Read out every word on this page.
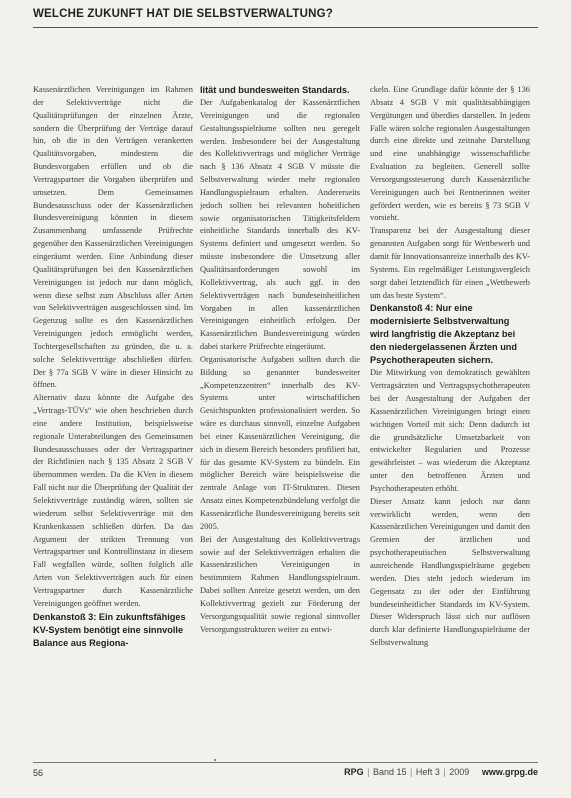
WELCHE ZUKUNFT HAT DIE SELBSTVERWALTUNG?

Kassenärztlichen Vereinigungen im Rahmen der Selektivverträge nicht die Qualitätsprüfungen der einzelnen Ärzte, sondern die Überprüfung der Verträge darauf hin, ob die in den Verträgen verankerten Qualitätsvorgaben, mindestens die Bundesvorgaben erfüllen und ob die Vertragspartner die Vorgaben überprüfen und umsetzen. Dem Gemeinsamen Bundesausschuss oder der Kassenärztlichen Bundesvereinigung könnten in diesem Zusammenhang umfassende Prüfrechte gegenüber den Kassenärztlichen Vereinigungen eingeräumt werden. Eine Anbindung dieser Qualitätsprüfungen bei den Kassenärztlichen Vereinigungen ist jedoch nur dann möglich, wenn diese selbst zum Abschluss aller Arten von Selektivverträgen ausgeschlossen sind. Im Gegenzug sollte es den Kassenärztlichen Vereinigungen jedoch ermöglicht werden, Tochtergesellschaften zu gründen, die u. a. solche Selektivverträge abschließen dürfen. Der § 77a SGB V wäre in dieser Hinsicht zu öffnen.

Alternativ dazu könnte die Aufgabe des „Vertrags-TÜVs“ wie oben beschrieben durch eine andere Institution, beispielsweise regionale Unterabteilungen des Gemeinsamen Bundesausschusses oder der Vertragspartner der Richtlinien nach § 135 Absatz 2 SGB V übernommen werden. Da die KVen in diesem Fall nicht nur die Überprüfung der Qualität der Selektivverträge zuständig wären, sollten sie wiederum selbst Selektivverträge mit den Krankenkassen schließen dürfen. Da das Argument der strikten Trennung von Vertragspartner und Kontrollinstanz in diesem Fall wegfallen würde, sollten folglich alle Arten von Selektivverträgen auch für einen Vertragspartner durch Kassenärztliche Vereinigungen geöffnet werden.

Denkanstoß 3: Ein zukunftsfähiges KV-System benötigt eine sinnvolle Balance aus Regiona-

lität und bundesweiten Standards.

Der Aufgabenkatalog der Kassenärztlichen Vereinigungen und die regionalen Gestaltungsspielräume sollten neu geregelt werden. Insbesondere bei der Ausgestaltung des Kollektivvertrags und möglicher Verträge nach § 136 Absatz 4 SGB V müsste die Selbstverwaltung wieder mehr regionalen Handlungsspielraum erhalten. Andererseits jedoch sollten bei relevanten hoheitlichen sowie organisatorischen Tätigkeitsfeldern einheitliche Standards innerhalb des KV-Systems definiert und umgesetzt werden. So müsste insbesondere die Umsetzung aller Qualitätsanforderungen sowohl im Kollektivvertrag, als auch ggf. in den Selektivverträgen nach bundeseinheitlichen Vorgaben in allen kassenärztlichen Vereinigungen einheitlich erfolgen. Der Kassenärztlichen Bundesvereinigung würden dabei starkere Prüfrechte eingeräumt.

Organisatorische Aufgaben sollten durch die Bildung so genannter bundesweiter „Kompetenzzentren“ innerhalb des KV-Systems unter wirtschaftlichen Gesichtspunkten professionalisiert werden. So wäre es durchaus sinnvoll, einzelne Aufgaben bei einer Kassenärztlichen Vereinigung, die sich in diesem Bereich besonders profiliert hat, für das gesamte KV-System zu bündeln. Ein möglicher Bereich wäre beispielsweise die zentrale Anlage von IT-Strukturen. Diesen Ansatz eines Kompetenzbündelung verfolgt die Kassenärztliche Bundesvereinigung bereits seit 2005.

Bei der Ausgestaltung des Kollektivvertrags sowie auf der Selektivverträgen erhalten die Kassenärztlichen Vereinigungen in bestimmtem Rahmen Handlungsspielraum. Dabei sollten Anreize gesetzt werden, um den Kollektivvertrag gezielt zur Förderung der Versorgungsqualität sowie regional sinnvoller Versorgungsstrukturen weiter zu entwi-

ckeln. Eine Grundlage dafür könnte der § 136 Absatz 4 SGB V mit qualitätsabhängigen Vergütungen und überdies darstellen. In jedem Falle wären solche regionalen Ausgestaltungen durch eine direkte und zeitnahe Darstellung und eine unabhängige wissenschaftliche Evaluation zu begleiten. Generell sollte Versorgungssteuerung durch Kassenärztliche Vereinigungen auch bei Rentnerinnen weiter gefördert werden, wie es bereits § 73 SGB V vorsieht.

Transparenz bei der Ausgestaltung dieser genannten Aufgaben sorgt für Wettbewerb und damit für Innovationsanreize innerhalb des KV-Systems. Ein regelmäßiger Leistungsvergleich sorgt dabei letztendlich für einen „Wettbewerb um das beste System“.

Denkanstoß 4: Nur eine modernisierte Selbstverwaltung wird langfristig die Akzeptanz bei den niedergelassenen Ärzten und Psychotherapeuten sichern.

Die Mitwirkung von demokratisch gewählten Vertragsärzten und Vertragspsychotherapeuten bei der Ausgestaltung der Aufgaben der Kassenärztlichen Vereinigungen bringt einen wichtigen Vorteil mit sich: Denn dadurch ist die grundsätzliche Umsetzbarkeit von entwickelter Regularien und Prozesse gewährleistet – was wiederum die Akzeptanz unter den betroffenen Ärzten und Psychotherapeuten erhöht.

Dieser Ansatz kann jedoch nur dann verwirklicht werden, wenn den Kassenärztlichen Vereinigungen und damit den Gremien der ärztlichen und psychotherapeutischen Selbstverwaltung ausreichende Handlungsspielräume gegeben werden. Dies steht jedoch wiederum im Gegensatz zu der oder der Einführung bundeseinheitlicher Standards im KV-System. Dieser Widerspruch lässt sich nur auflösen durch klar definierte Handlungsspielräume der Selbstverwaltung

56	RPG | Band 15 | Heft 3 | 2009 www.grpg.de
